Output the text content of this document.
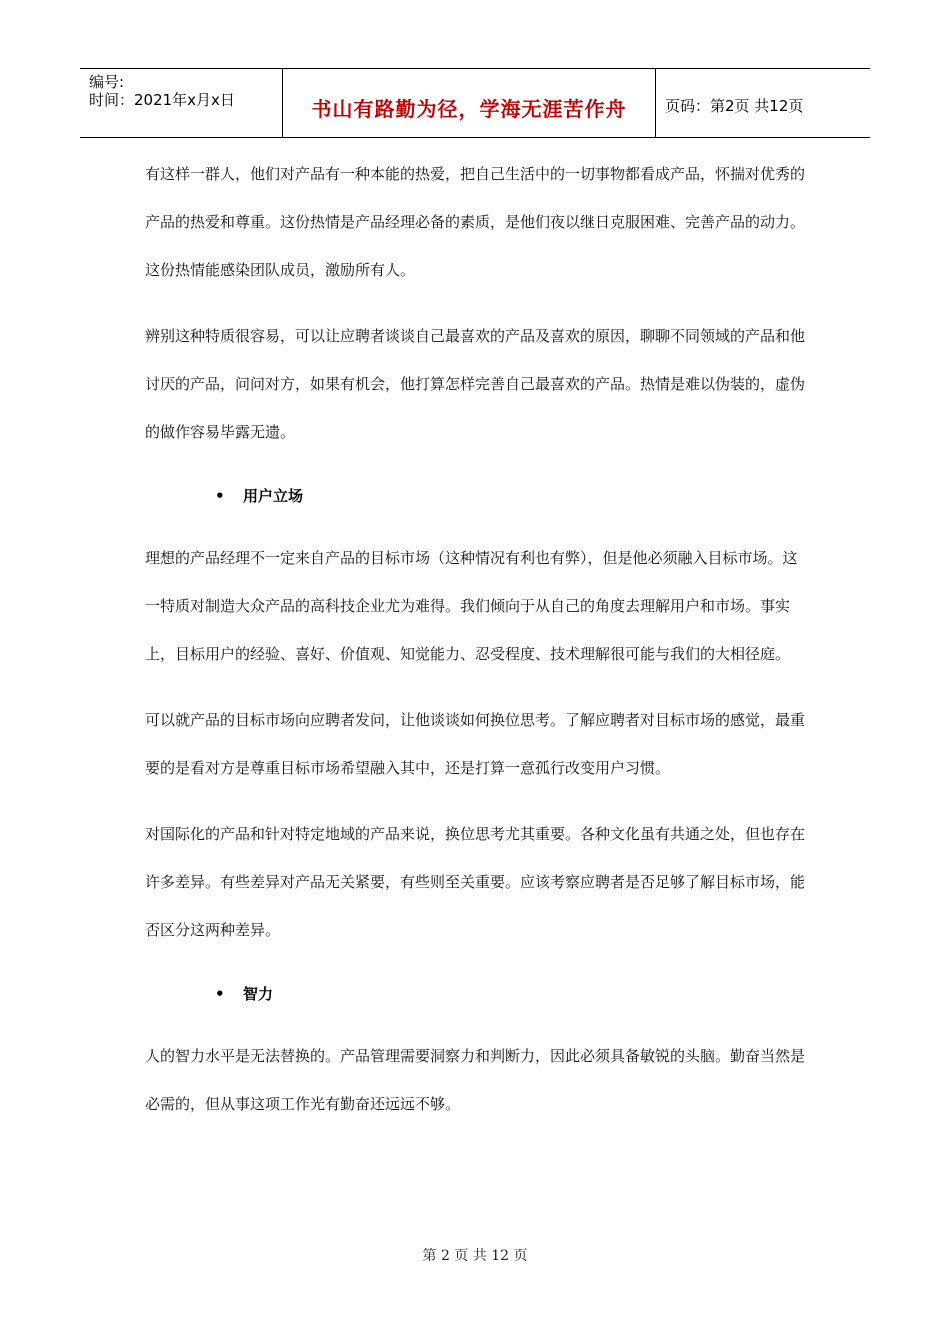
编号:
时间：2021年x月x日	书山有路勤为径，学海无涯苦作舟	页码：第2页 共12页

有这样一群人，他们对产品有一种本能的热爱，把自己生活中的一切事物都看成产品，怀揣对优秀的产品的热爱和尊重。这份热情是产品经理必备的素质，是他们夜以继日克服困难、完善产品的动力。这份热情能感染团队成员，激励所有人。

辨别这种特质很容易，可以让应聘者谈谈自己最喜欢的产品及喜欢的原因，聊聊不同领域的产品和他讨厌的产品，问问对方，如果有机会，他打算怎样完善自己最喜欢的产品。热情是难以伪装的，虚伪的做作容易毕露无遗。

• 用户立场

理想的产品经理不一定来自产品的目标市场（这种情况有利也有弊），但是他必须融入目标市场。这一特质对制造大众产品的高科技企业尤为难得。我们倾向于从自己的角度去理解用户和市场。事实上，目标用户的经验、喜好、价值观、知觉能力、忍受程度、技术理解很可能与我们的大相径庭。

可以就产品的目标市场向应聘者发问，让他谈谈如何换位思考。了解应聘者对目标市场的感觉，最重要的是看对方是尊重目标市场希望融入其中，还是打算一意孤行改变用户习惯。

对国际化的产品和针对特定地域的产品来说，换位思考尤其重要。各种文化虽有共通之处，但也存在许多差异。有些差异对产品无关紧要，有些则至关重要。应该考察应聘者是否足够了解目标市场，能否区分这两种差异。

• 智力

人的智力水平是无法替换的。产品管理需要洞察力和判断力，因此必须具备敏锐的头脑。勤奋当然是必需的，但从事这项工作光有勤奋还远远不够。

第 2 页 共 12 页
